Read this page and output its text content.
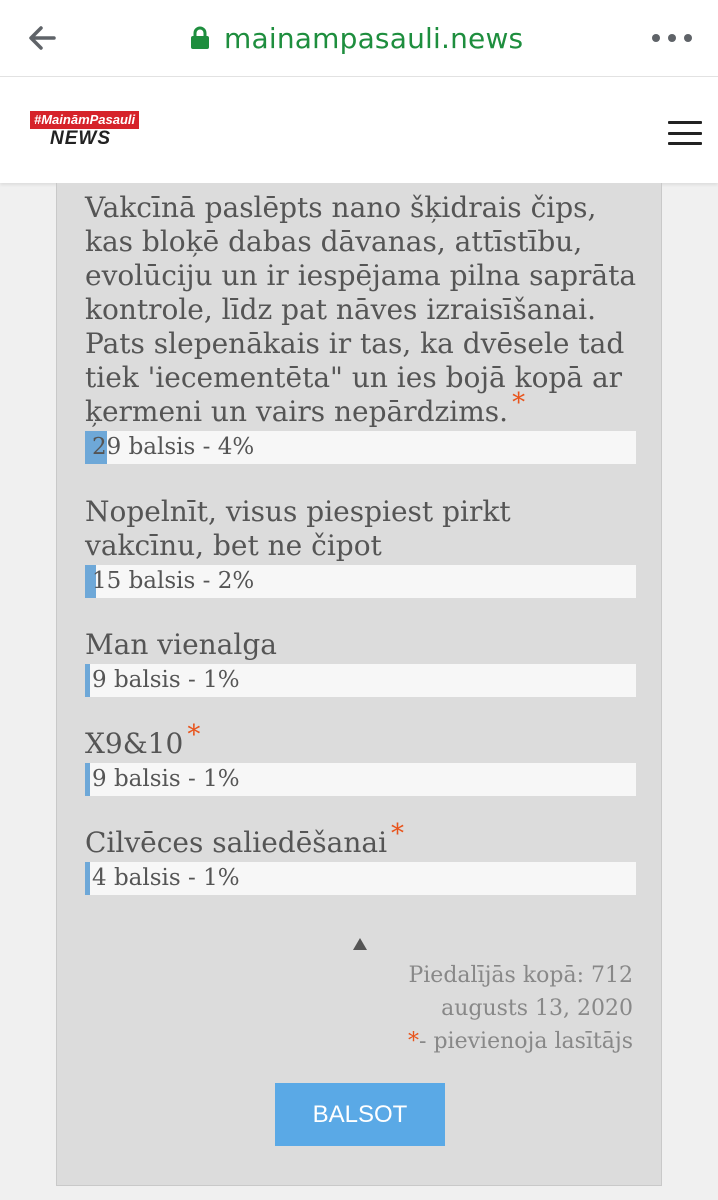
mainampasauli.news
#MaināmPasauli
NEWS

Vakcīnā paslēpts nano šķidrais čips, kas bloķē dabas dāvanas, attīstību, evolūciju un ir iespējama pilna saprāta kontrole, līdz pat nāves izraisīšanai. Pats slepenākais ir tas, ka dvēsele tad tiek 'iecementēta" un ies bojā kopā ar ķermeni un vairs nepārdzims. *

29 balsis - 4%

Nopelnīt, visus piespiest pirkt vakcīnu, bet ne čipot

15 balsis - 2%

Man vienalga

9 balsis - 1%

X9&10 *

9 balsis - 1%

Cilvēces saliedēšanai *

4 balsis - 1%
Piedalījās kopā: 712
augusts 13, 2020
*- pievienoja lasītājs
BALSOT
